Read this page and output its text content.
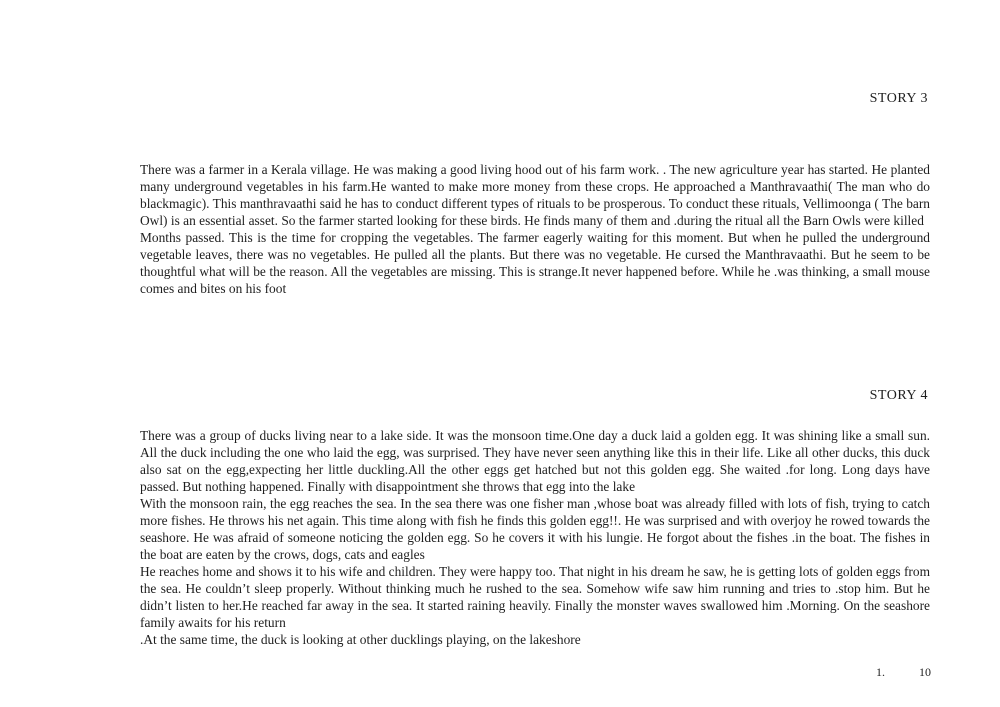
STORY 3

There was a farmer in a Kerala village. He was making a good living hood out of his farm work. . The new agriculture year has started. He planted many underground vegetables in his farm.He wanted to make more money from these crops. He approached a Manthravaathi( The man who do blackmagic). This manthravaathi said he has to conduct different types of rituals to be prosperous. To conduct these rituals, Vellimoonga ( The barn Owl) is an essential asset. So the farmer started looking for these birds. He finds many of them and .during the ritual all the Barn Owls were killed

Months passed. This is the time for cropping the vegetables. The farmer eagerly waiting for this moment. But when he pulled the underground vegetable leaves, there was no vegetables. He pulled all the plants. But there was no vegetable. He cursed the Manthravaathi. But he seem to be thoughtful what will be the reason. All the vegetables are missing. This is strange.It never happened before. While he .was thinking, a small mouse comes and bites on his foot

STORY 4

There was a group of ducks living near to a lake side. It was the monsoon time.One day a duck laid a golden egg. It was shining like a small sun. All the duck including the one who laid the egg, was surprised. They have never seen anything like this in their life. Like all other ducks, this duck also sat on the egg,expecting her little duckling.All the other eggs get hatched but not this golden egg. She waited .for long. Long days have passed. But nothing happened. Finally with disappointment she throws that egg into the lake

With the monsoon rain, the egg reaches the sea. In the sea there was one fisher man ,whose boat was already filled with lots of fish, trying to catch more fishes. He throws his net again. This time along with fish he finds this golden egg!!. He was surprised and with overjoy he rowed towards the seashore. He was afraid of someone noticing the golden egg. So he covers it with his lungie. He forgot about the fishes .in the boat. The fishes in the boat are eaten by the crows, dogs, cats and eagles

He reaches home and shows it to his wife and children. They were happy too. That night in his dream he saw, he is getting lots of golden eggs from the sea. He couldn’t sleep properly. Without thinking much he rushed to the sea. Somehow wife saw him running and tries to .stop him. But he didn’t listen to her.He reached far away in the sea. It started raining heavily. Finally the monster waves swallowed him .Morning. On the seashore family awaits for his return

.At the same time, the duck is looking at other ducklings playing, on the lakeshore

1.	10
